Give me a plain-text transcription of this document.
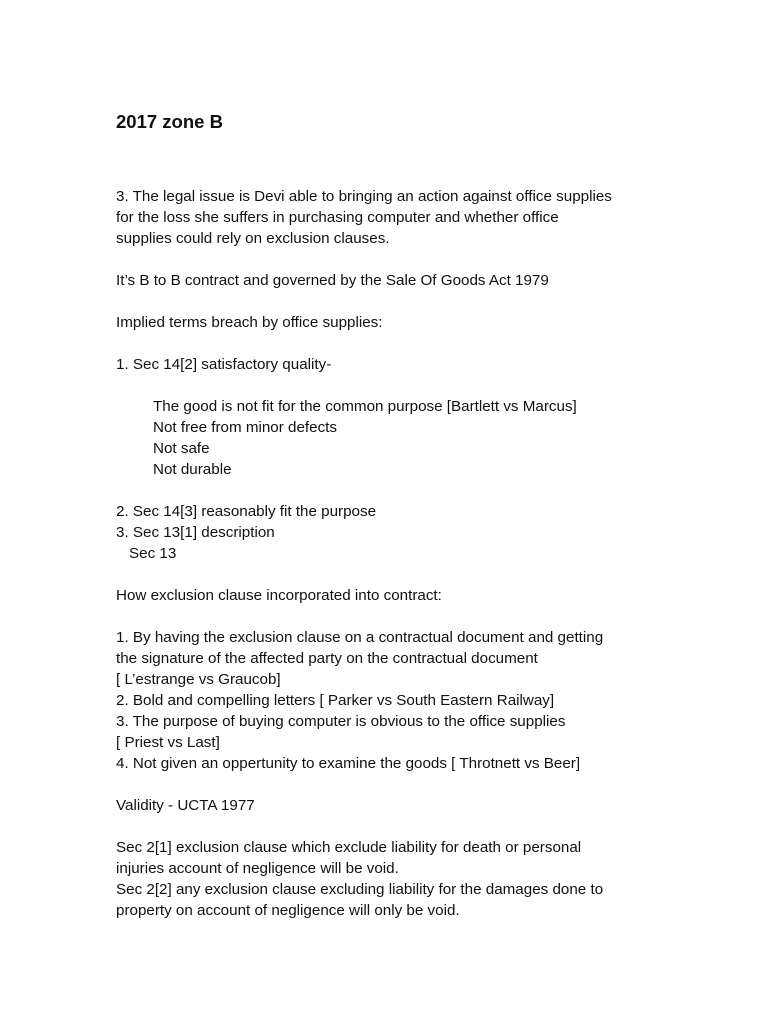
2017 zone B

3. The legal issue is Devi able to bringing an action against office supplies

for the loss she suffers in purchasing computer and whether office

supplies could rely on exclusion clauses.

It’s B to B contract and governed by the Sale Of Goods Act 1979

Implied terms breach by office supplies:

1. Sec 14[2] satisfactory quality-

The good is not fit for the common purpose [Bartlett vs Marcus]

Not free from minor defects

Not safe

Not durable

2. Sec 14[3] reasonably fit the purpose

3. Sec 13[1] description

Sec 13

How exclusion clause incorporated into contract:

1. By having the exclusion clause on a contractual document and getting

the signature of the affected party on the contractual document

[ L’estrange vs Graucob]

2. Bold and compelling letters [ Parker vs South Eastern Railway]

3. The purpose of buying computer is obvious to the office supplies

[ Priest vs Last]

4. Not given an oppertunity to examine the goods [ Throtnett vs Beer]

Validity - UCTA 1977

Sec 2[1] exclusion clause which exclude liability for death or personal

injuries account of negligence will be void.

Sec 2[2] any exclusion clause excluding liability for the damages done to

property on account of negligence will only be void.
